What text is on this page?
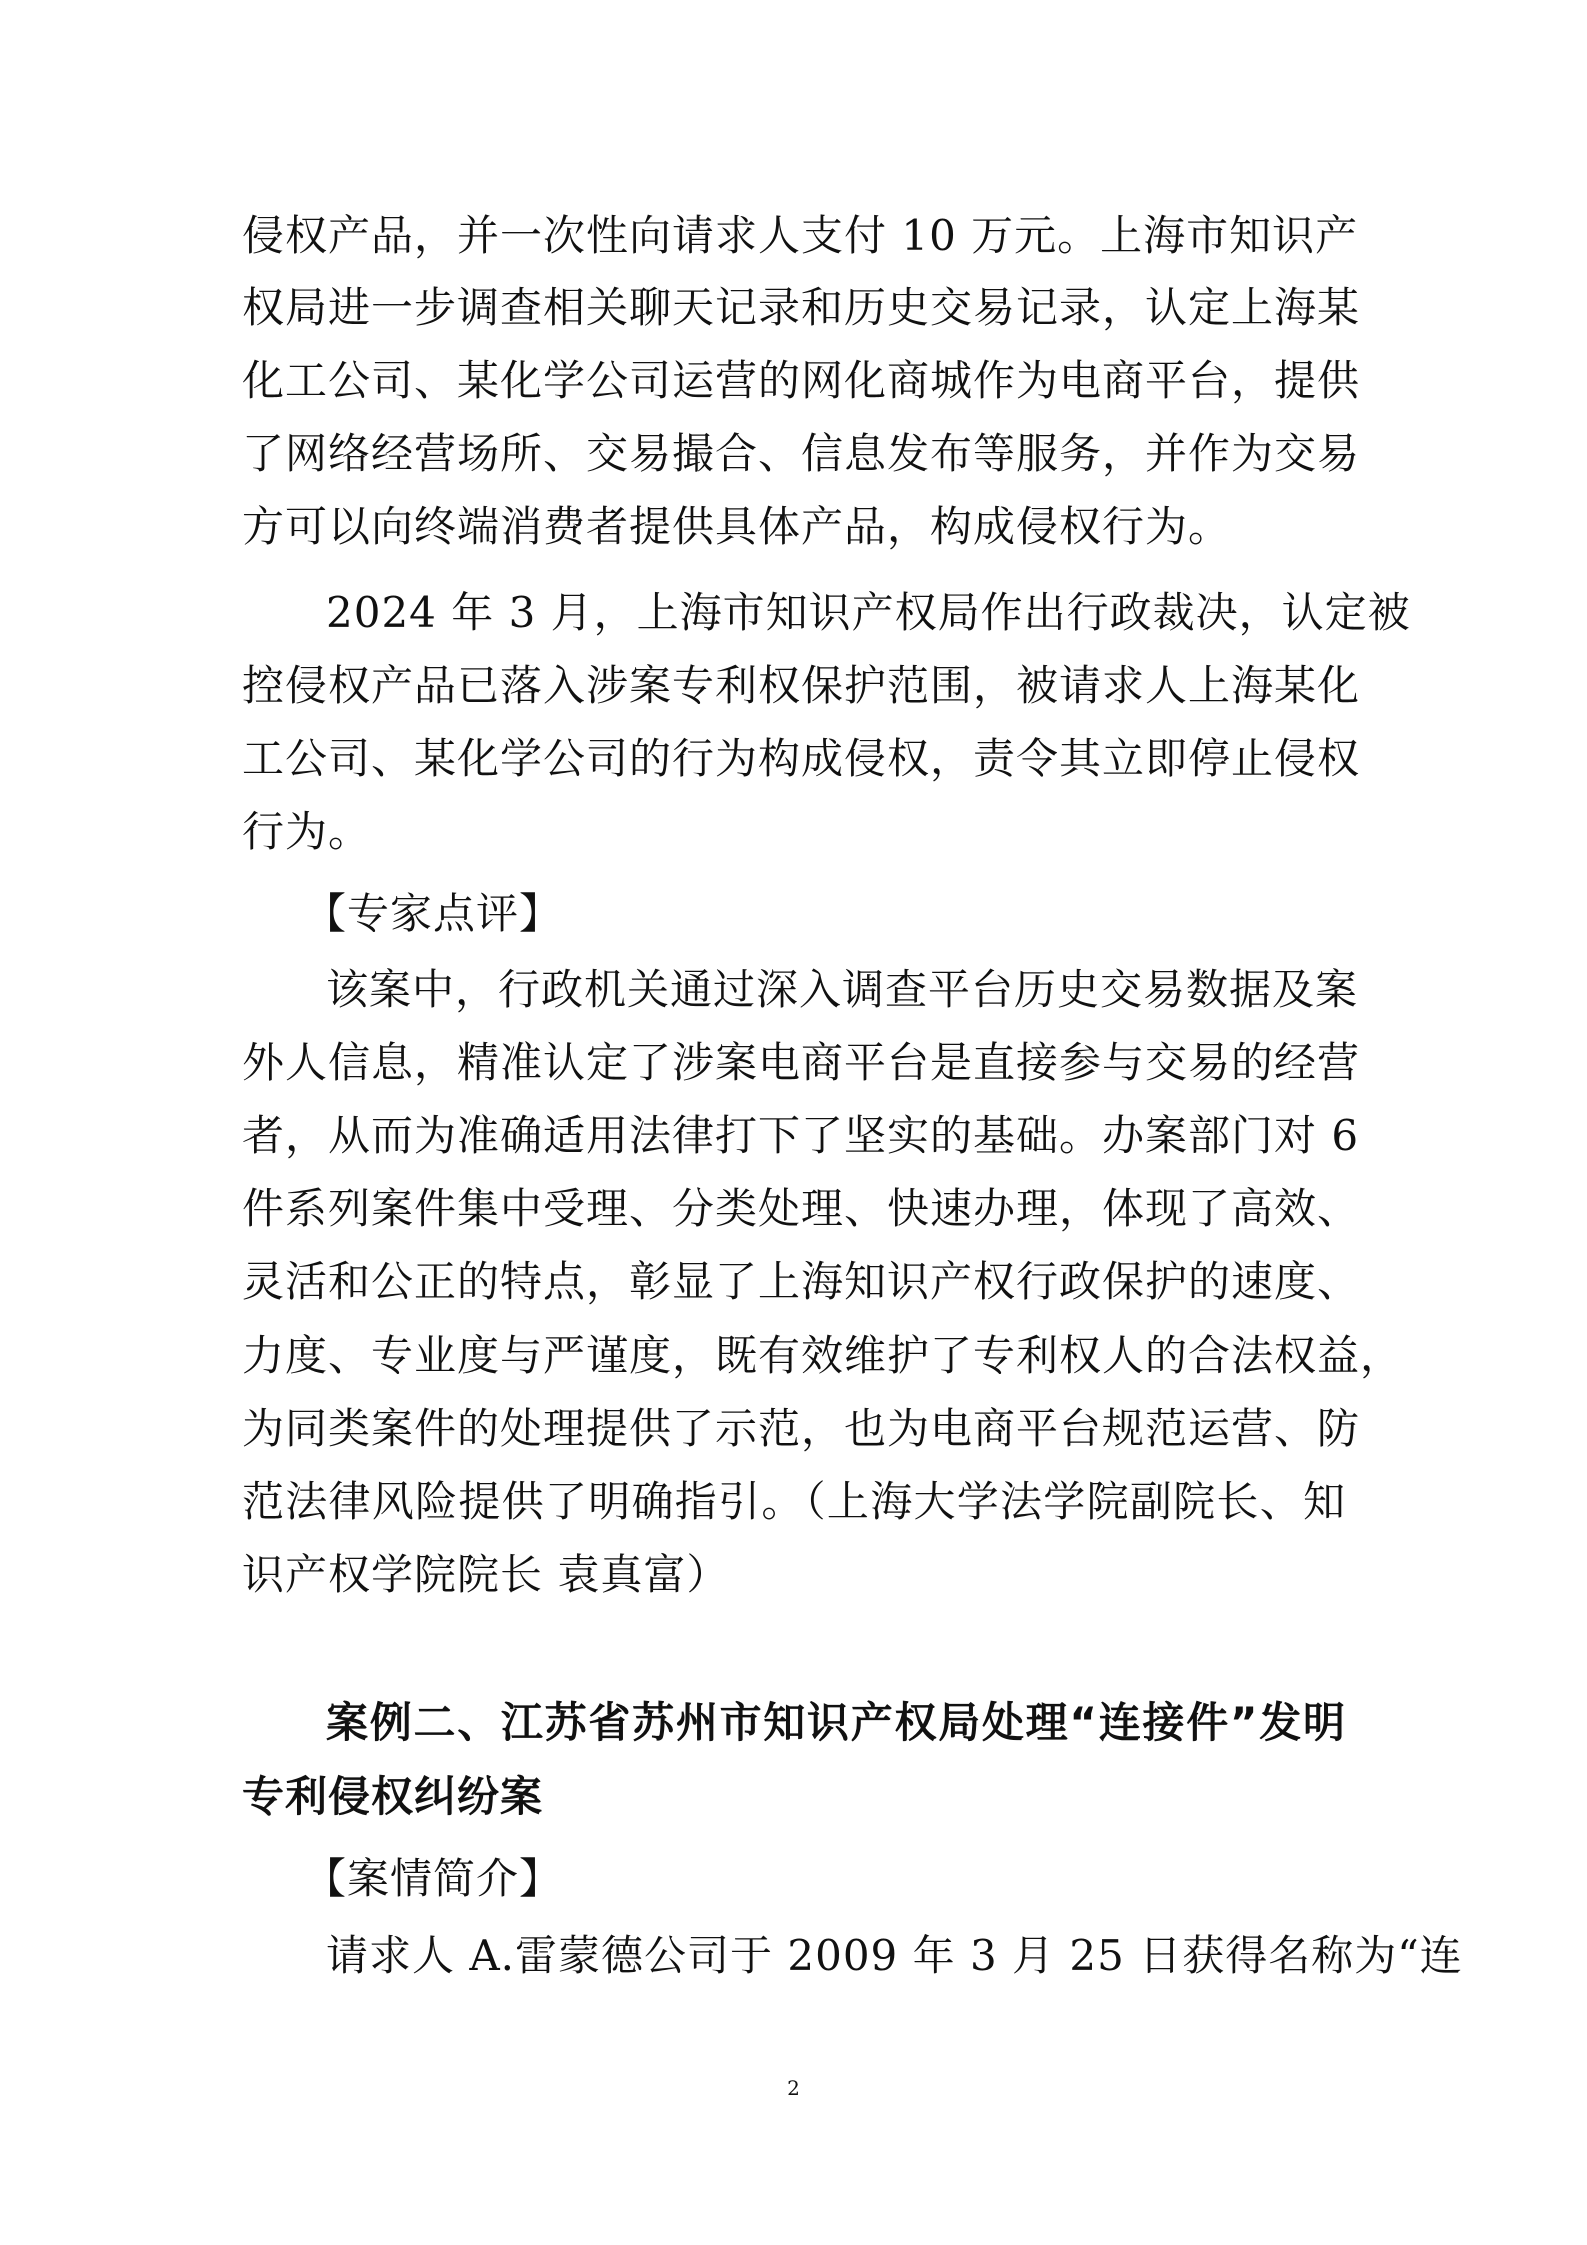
侵权产品，并一次性向请求人支付 10 万元。上海市知识产
权局进一步调查相关聊天记录和历史交易记录，认定上海某
化工公司、某化学公司运营的网化商城作为电商平台，提供
了网络经营场所、交易撮合、信息发布等服务，并作为交易
方可以向终端消费者提供具体产品，构成侵权行为。
2024 年 3 月，上海市知识产权局作出行政裁决，认定被
控侵权产品已落入涉案专利权保护范围，被请求人上海某化
工公司、某化学公司的行为构成侵权，责令其立即停止侵权
行为。
【专家点评】
该案中，行政机关通过深入调查平台历史交易数据及案
外人信息，精准认定了涉案电商平台是直接参与交易的经营
者，从而为准确适用法律打下了坚实的基础。办案部门对 6
件系列案件集中受理、分类处理、快速办理，体现了高效、
灵活和公正的特点，彰显了上海知识产权行政保护的速度、
力度、专业度与严谨度，既有效维护了专利权人的合法权益，
为同类案件的处理提供了示范，也为电商平台规范运营、防
范法律风险提供了明确指引。（上海大学法学院副院长、知
识产权学院院长 袁真富）
案例二、江苏省苏州市知识产权局处理“连接件”发明
专利侵权纠纷案
【案情简介】
请求人 A.雷蒙德公司于 2009 年 3 月 25 日获得名称为“连
2
